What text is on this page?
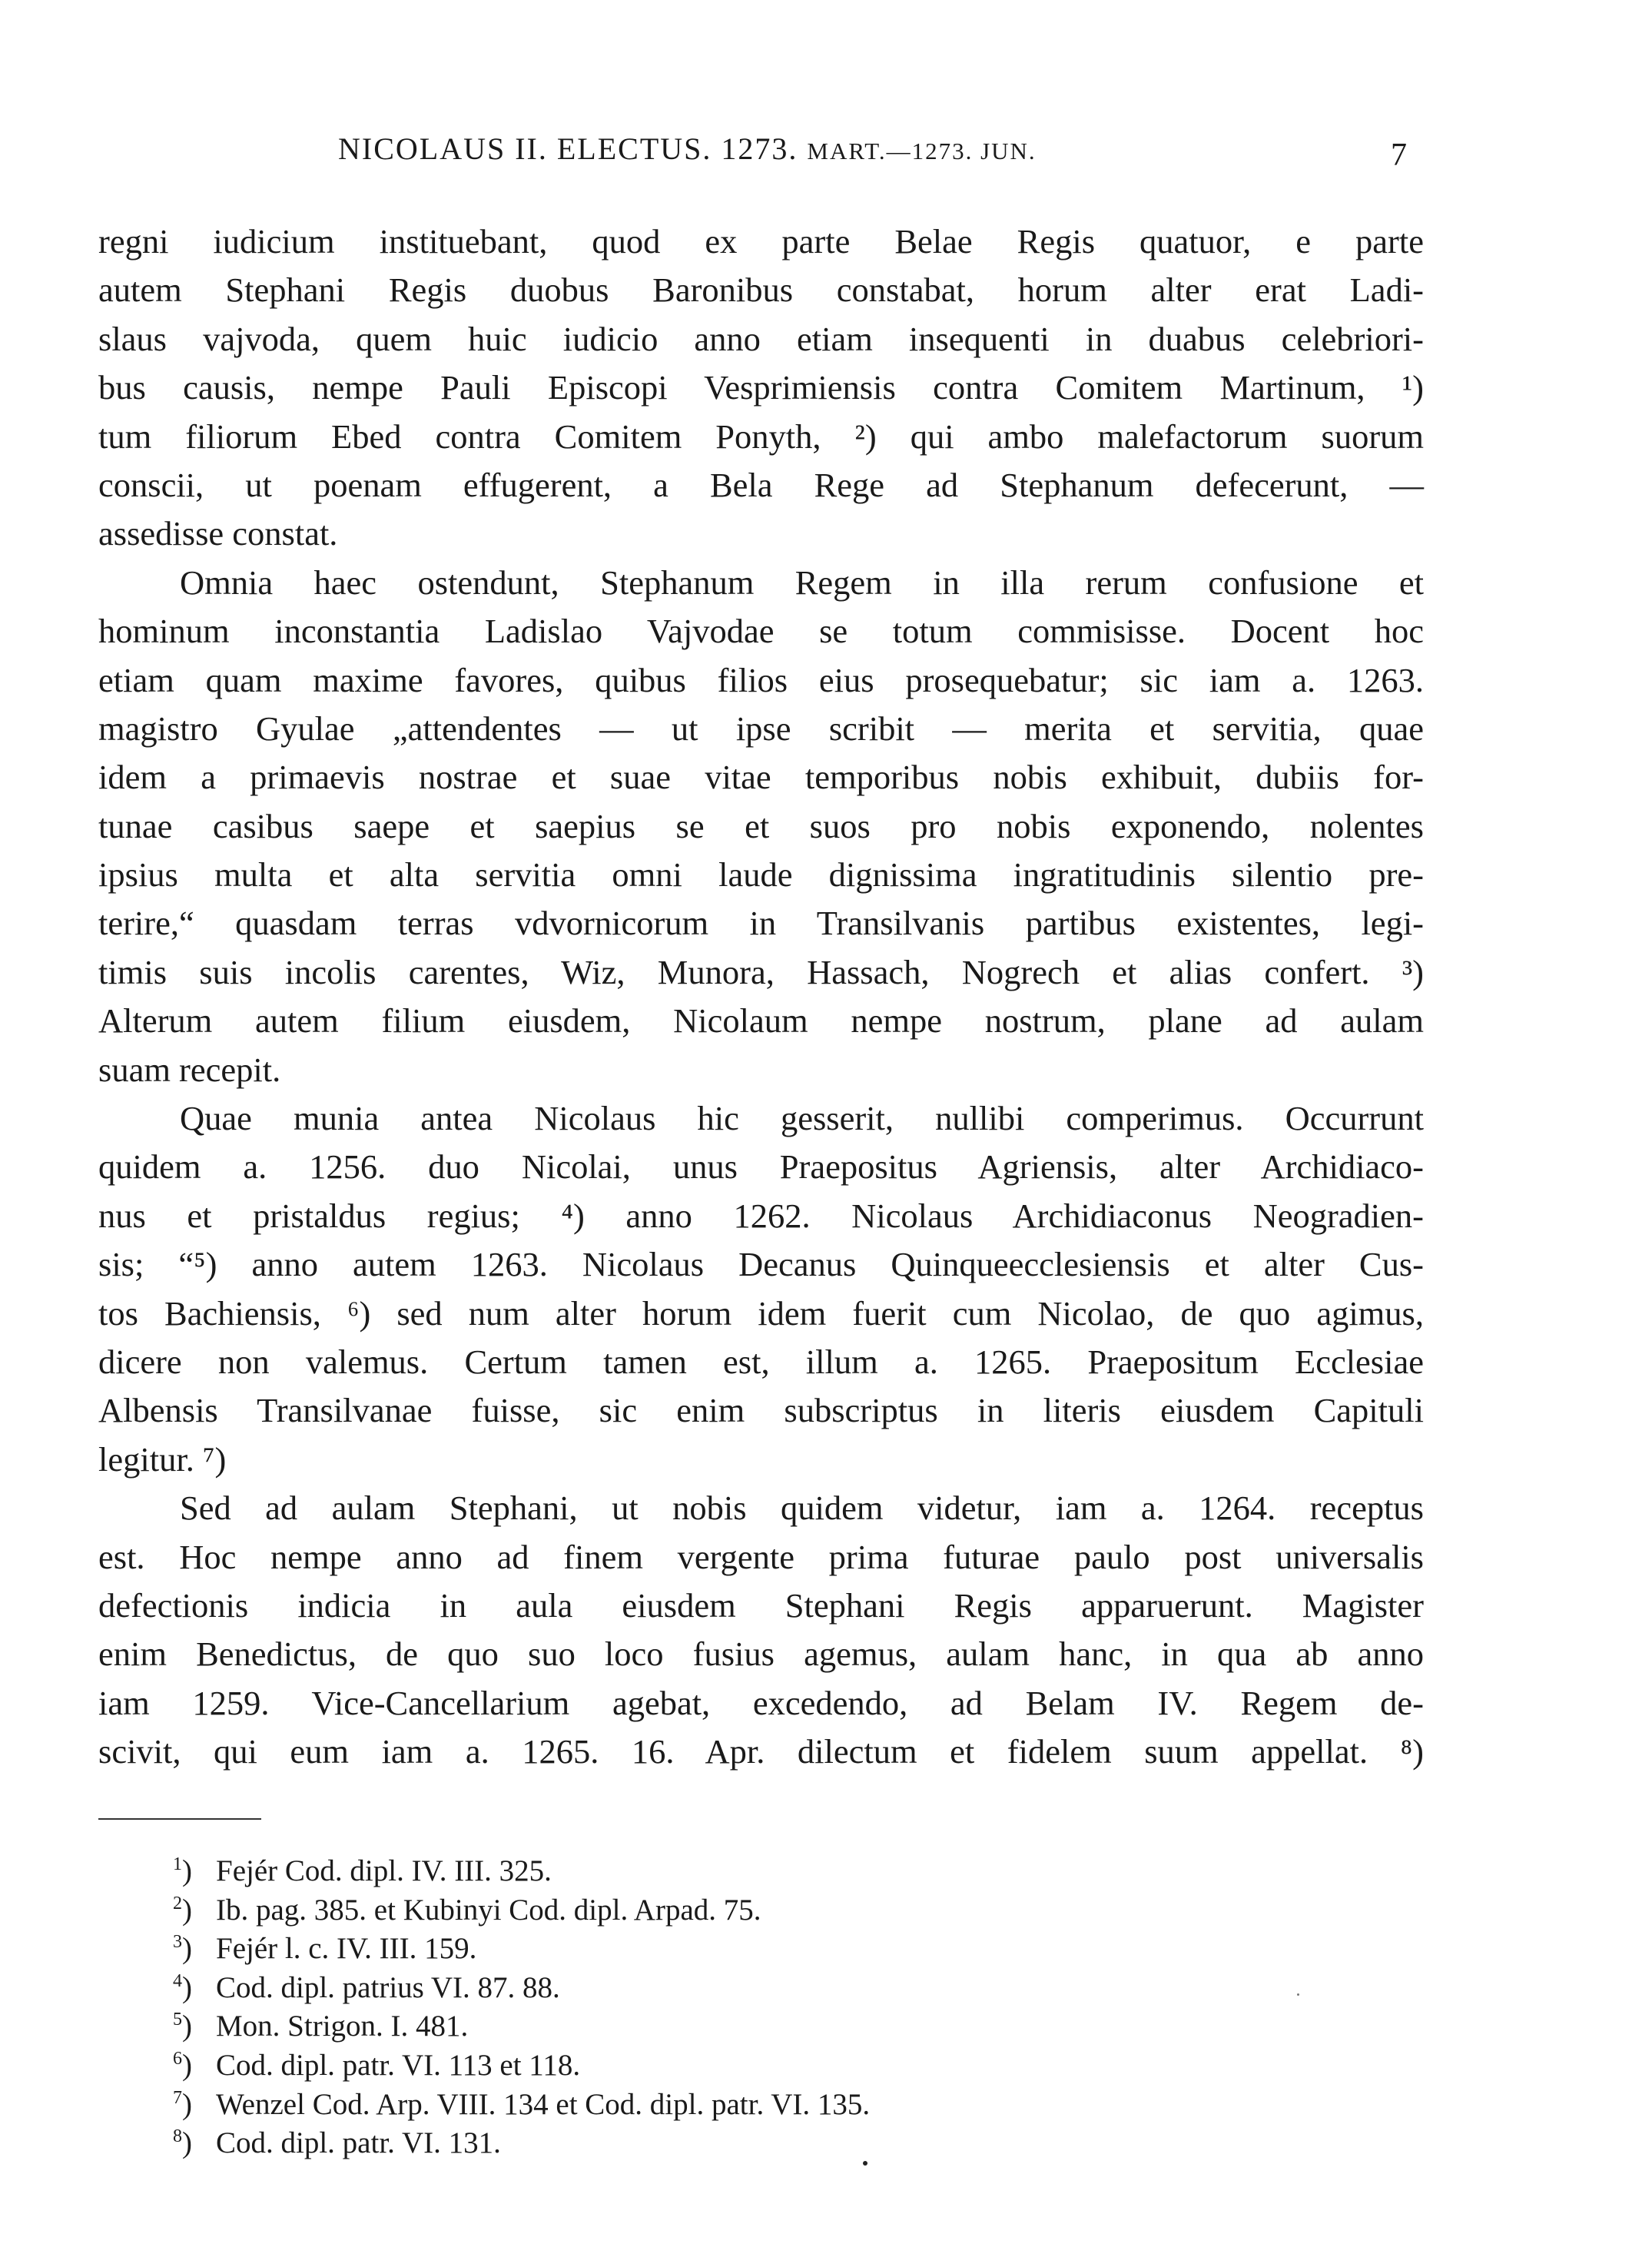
NICOLAUS II. ELECTUS. 1273. MART.—1273. JUN.	7
regni iudicium instituebant, quod ex parte Belae Regis quatuor, e parte
autem Stephani Regis duobus Baronibus constabat, horum alter erat Ladi-
slaus vajvoda, quem huic iudicio anno etiam insequenti in duabus celebriori-
bus causis, nempe Pauli Episcopi Vesprimiensis contra Comitem Martinum, ¹)
tum filiorum Ebed contra Comitem Ponyth, ²) qui ambo malefactorum suorum
conscii, ut poenam effugerent, a Bela Rege ad Stephanum defecerunt, —
assedisse constat.
Omnia haec ostendunt, Stephanum Regem in illa rerum confusione et
hominum inconstantia Ladislao Vajvodae se totum commisisse. Docent hoc
etiam quam maxime favores, quibus filios eius prosequebatur; sic iam a. 1263.
magistro Gyulae „attendentes — ut ipse scribit — merita et servitia, quae
idem a primaevis nostrae et suae vitae temporibus nobis exhibuit, dubiis for-
tunae casibus saepe et saepius se et suos pro nobis exponendo, nolentes
ipsius multa et alta servitia omni laude dignissima ingratitudinis silentio pre-
terire,“ quasdam terras vdvornicorum in Transilvanis partibus existentes, legi-
timis suis incolis carentes, Wiz, Munora, Hassach, Nogrech et alias confert. ³)
Alterum autem filium eiusdem, Nicolaum nempe nostrum, plane ad aulam
suam recepit.
Quae munia antea Nicolaus hic gesserit, nullibi comperimus. Occurrunt
quidem a. 1256. duo Nicolai, unus Praepositus Agriensis, alter Archidiaco-
nus et pristaldus regius; ⁴) anno 1262. Nicolaus Archidiaconus Neogradien-
sis; “⁵) anno autem 1263. Nicolaus Decanus Quinqueecclesiensis et alter Cus-
tos Bachiensis, ⁶) sed num alter horum idem fuerit cum Nicolao, de quo agimus,
dicere non valemus. Certum tamen est, illum a. 1265. Praepositum Ecclesiae
Albensis Transilvanae fuisse, sic enim subscriptus in literis eiusdem Capituli
legitur. ⁷)
Sed ad aulam Stephani, ut nobis quidem videtur, iam a. 1264. receptus
est. Hoc nempe anno ad finem vergente prima futurae paulo post universalis
defectionis indicia in aula eiusdem Stephani Regis apparuerunt. Magister
enim Benedictus, de quo suo loco fusius agemus, aulam hanc, in qua ab anno
iam 1259. Vice-Cancellarium agebat, excedendo, ad Belam IV. Regem de-
scivit, qui eum iam a. 1265. 16. Apr. dilectum et fidelem suum appellat. ⁸)
$^1$) Fejér Cod. dipl. IV. III. 325.
$^2$) Ib. pag. 385. et Kubinyi Cod. dipl. Arpad. 75.
$^3$) Fejér l. c. IV. III. 159.
$^4$) Cod. dipl. patrius VI. 87. 88.
$^5$) Mon. Strigon. I. 481.
$^6$) Cod. dipl. patr. VI. 113 et 118.
$^7$) Wenzel Cod. Arp. VIII. 134 et Cod. dipl. patr. VI. 135.
$^8$) Cod. dipl. patr. VI. 131.
